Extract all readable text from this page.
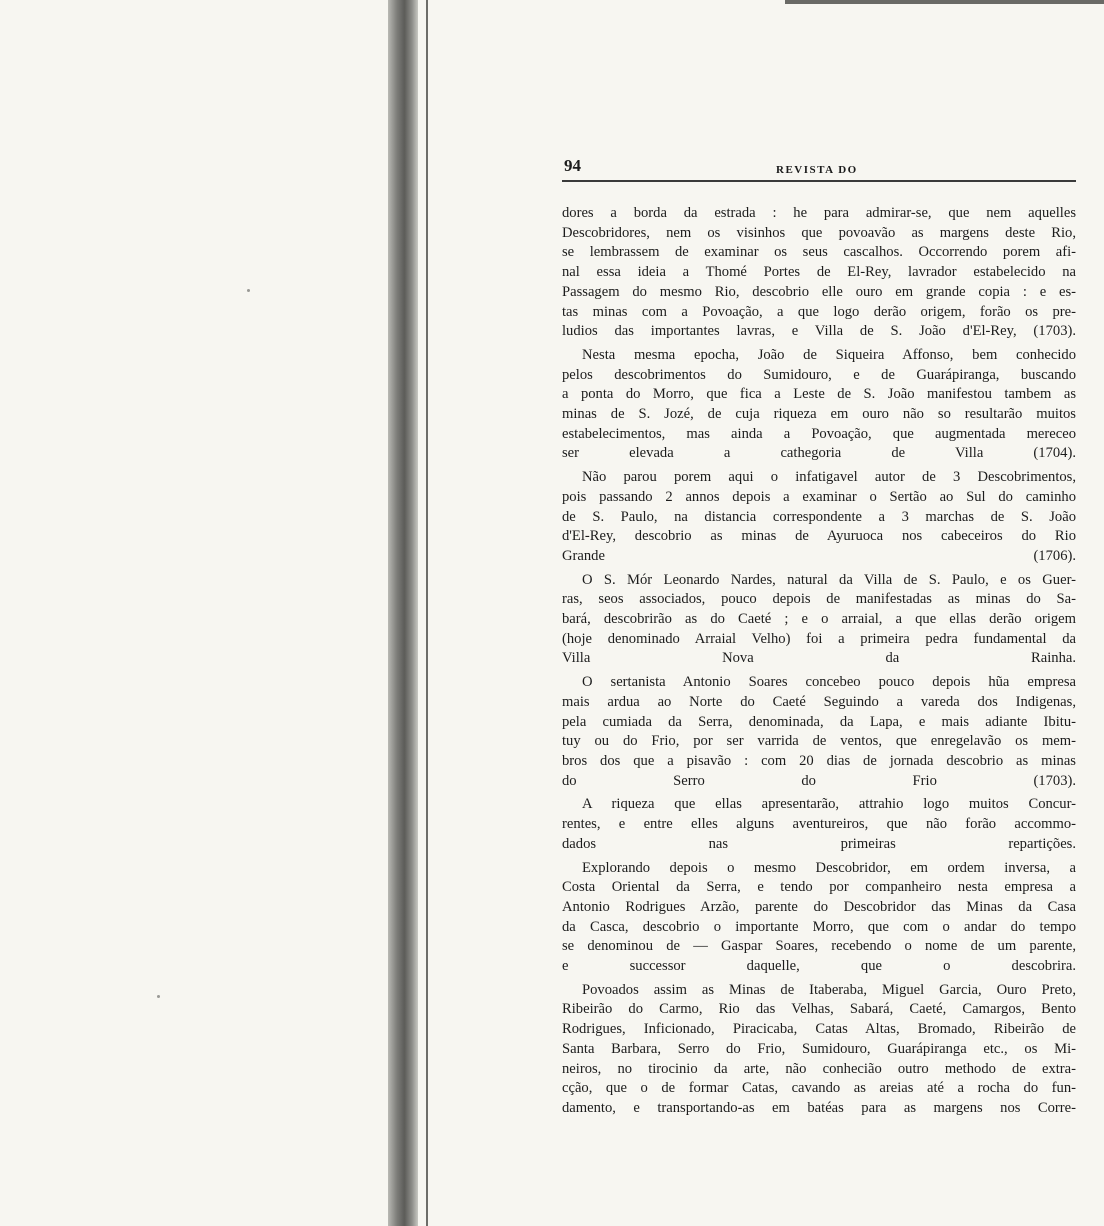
94	REVISTA DO

dores a borda da estrada : he para admirar-se, que nem aquelles
Descobridores, nem os visinhos que povoavão as margens deste Rio,
se lembrassem de examinar os seus cascalhos. Occorrendo porem afi-
nal essa ideia a Thomé Portes de El-Rey, lavrador estabelecido na
Passagem do mesmo Rio, descobrio elle ouro em grande copia : e es-
tas minas com a Povoação, a que logo derão origem, forão os pre-
ludios das importantes lavras, e Villa de S. João d'El-Rey, (1703).

Nesta mesma epocha, João de Siqueira Affonso, bem conhecido
pelos descobrimentos do Sumidouro, e de Guarápiranga, buscando
a ponta do Morro, que fica a Leste de S. João manifestou tambem as
minas de S. Jozé, de cuja riqueza em ouro não so resultarão muitos
estabelecimentos, mas ainda a Povoação, que augmentada mereceo
ser elevada a cathegoria de Villa (1704).

Não parou porem aqui o infatigavel autor de 3 Descobrimentos,
pois passando 2 annos depois a examinar o Sertão ao Sul do caminho
de S. Paulo, na distancia correspondente a 3 marchas de S. João
d'El-Rey, descobrio as minas de Ayuruoca nos cabeceiros do Rio
Grande (1706).

O S. Mór Leonardo Nardes, natural da Villa de S. Paulo, e os Guer-
ras, seos associados, pouco depois de manifestadas as minas do Sa-
bará, descobrirão as do Caeté ; e o arraial, a que ellas derão origem
(hoje denominado Arraial Velho) foi a primeira pedra fundamental da
Villa Nova da Rainha.

O sertanista Antonio Soares concebeo pouco depois hũa empresa
mais ardua ao Norte do Caeté Seguindo a vareda dos Indigenas,
pela cumiada da Serra, denominada, da Lapa, e mais adiante Ibitu-
tuy ou do Frio, por ser varrida de ventos, que enregelavão os mem-
bros dos que a pisavão : com 20 dias de jornada descobrio as minas
do Serro do Frio (1703).

A riqueza que ellas apresentarão, attrahio logo muitos Concur-
rentes, e entre elles alguns aventureiros, que não forão accommo-
dados nas primeiras repartições.

Explorando depois o mesmo Descobridor, em ordem inversa, a
Costa Oriental da Serra, e tendo por companheiro nesta empresa a
Antonio Rodrigues Arzão, parente do Descobridor das Minas da Casa
da Casca, descobrio o importante Morro, que com o andar do tempo
se denominou de — Gaspar Soares, recebendo o nome de um parente,
e successor daquelle, que o descobrira.

Povoados assim as Minas de Itaberaba, Miguel Garcia, Ouro Preto,
Ribeirão do Carmo, Rio das Velhas, Sabará, Caeté, Camargos, Bento
Rodrigues, Inficionado, Piracicaba, Catas Altas, Bromado, Ribeirão de
Santa Barbara, Serro do Frio, Sumidouro, Guarápiranga etc., os Mi-
neiros, no tirocinio da arte, não conhecião outro methodo de extra-
cção, que o de formar Catas, cavando as areias até a rocha do fun-
damento, e transportando-as em batéas para as margens nos Corre-
